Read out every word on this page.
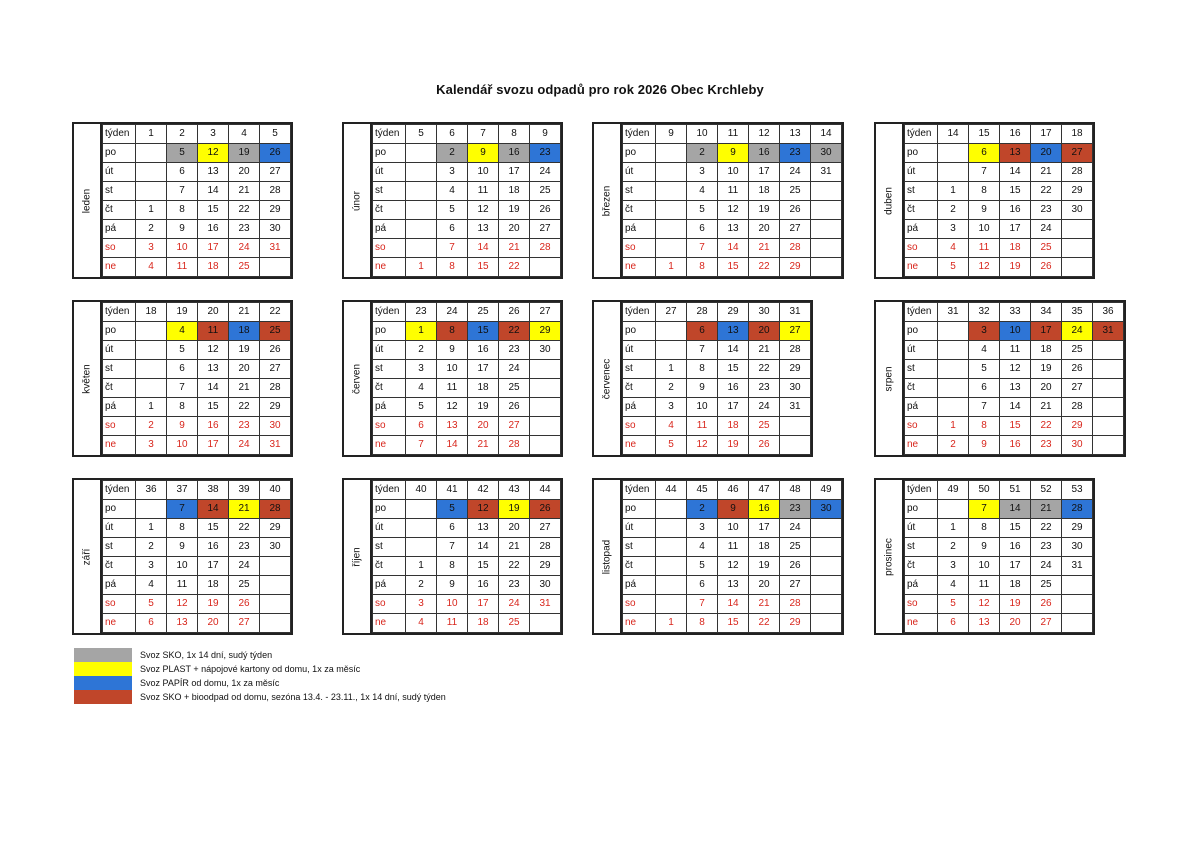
Kalendář svozu odpadů pro rok 2026 Obec Krchleby
leden
týden	1	2	3	4	5
po		5	12	19	26
út		6	13	20	27
st		7	14	21	28
čt	1	8	15	22	29
pá	2	9	16	23	30
so	3	10	17	24	31
ne	4	11	18	25	
únor
týden	5	6	7	8	9
po		2	9	16	23
út		3	10	17	24
st		4	11	18	25
čt		5	12	19	26
pá		6	13	20	27
so		7	14	21	28
ne	1	8	15	22	
březen
týden	9	10	11	12	13	14
po		2	9	16	23	30
út		3	10	17	24	31
st		4	11	18	25	
čt		5	12	19	26	
pá		6	13	20	27	
so		7	14	21	28	
ne	1	8	15	22	29	
duben
týden	14	15	16	17	18
po		6	13	20	27
út		7	14	21	28
st	1	8	15	22	29
čt	2	9	16	23	30
pá	3	10	17	24	
so	4	11	18	25	
ne	5	12	19	26	
květen
týden	18	19	20	21	22
po		4	11	18	25
út		5	12	19	26
st		6	13	20	27
čt		7	14	21	28
pá	1	8	15	22	29
so	2	9	16	23	30
ne	3	10	17	24	31
červen
týden	23	24	25	26	27
po	1	8	15	22	29
út	2	9	16	23	30
st	3	10	17	24	
čt	4	11	18	25	
pá	5	12	19	26	
so	6	13	20	27	
ne	7	14	21	28	
červenec
týden	27	28	29	30	31
po		6	13	20	27
út		7	14	21	28
st	1	8	15	22	29
čt	2	9	16	23	30
pá	3	10	17	24	31
so	4	11	18	25	
ne	5	12	19	26	
srpen
týden	31	32	33	34	35	36
po		3	10	17	24	31
út		4	11	18	25	
st		5	12	19	26	
čt		6	13	20	27	
pá		7	14	21	28	
so	1	8	15	22	29	
ne	2	9	16	23	30	
září
týden	36	37	38	39	40
po		7	14	21	28
út	1	8	15	22	29
st	2	9	16	23	30
čt	3	10	17	24	
pá	4	11	18	25	
so	5	12	19	26	
ne	6	13	20	27	
říjen
týden	40	41	42	43	44
po		5	12	19	26
út		6	13	20	27
st		7	14	21	28
čt	1	8	15	22	29
pá	2	9	16	23	30
so	3	10	17	24	31
ne	4	11	18	25	
listopad
týden	44	45	46	47	48	49
po		2	9	16	23	30
út		3	10	17	24	
st		4	11	18	25	
čt		5	12	19	26	
pá		6	13	20	27	
so		7	14	21	28	
ne	1	8	15	22	29	
prosinec
týden	49	50	51	52	53
po		7	14	21	28
út	1	8	15	22	29
st	2	9	16	23	30
čt	3	10	17	24	31
pá	4	11	18	25	
so	5	12	19	26	
ne	6	13	20	27	
Svoz SKO, 1x 14 dní, sudý týden
Svoz PLAST + nápojové kartony od domu, 1x za měsíc
Svoz PAPÍR od domu, 1x za měsíc
Svoz SKO + bioodpad od domu, sezóna 13.4. - 23.11., 1x 14 dní, sudý týden
